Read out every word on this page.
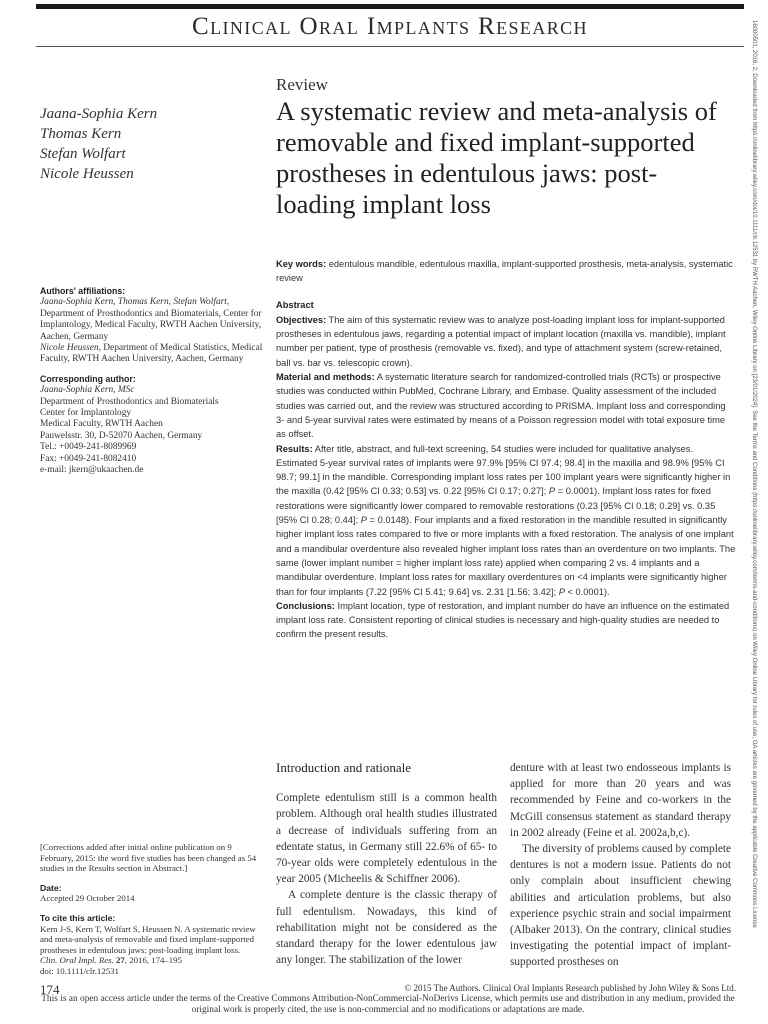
Clinical Oral Implants Research	16000501, 2016, 2, Downloaded from https://onlinelibrary.wiley.com/doi/10.1111/clr.12531 by RWTH Aachen, Wiley Online Library on [23/01/2024]. See the Terms and Conditions (https://onlinelibrary.wiley.com/terms-and-conditions) on Wiley Online Library for rules of use; OA articles are governed by the applicable Creative Commons License
Review
A systematic review and meta-analysis of removable and fixed implant-supported prostheses in edentulous jaws: post-loading implant loss
Jaana-Sophia Kern
Thomas Kern
Stefan Wolfart
Nicole Heussen
Authors' affiliations:
Jaana-Sophia Kern, Thomas Kern, Stefan Wolfart, Department of Prosthodontics and Biomaterials, Center for Implantology, Medical Faculty, RWTH Aachen University, Aachen, Germany
Nicole Heussen, Department of Medical Statistics, Medical Faculty, RWTH Aachen University, Aachen, Germany
Corresponding author:
Jaana-Sophia Kern, MSc
Department of Prosthodontics and Biomaterials
Center for Implantology
Medical Faculty, RWTH Aachen
Pauwelsstr. 30, D-52070 Aachen, Germany
Tel.: +0049-241-8089969
Fax: +0049-241-8082410
e-mail: jkern@ukaachen.de
[Corrections added after initial online publication on 9 February, 2015: the word five studies has been changed as 54 studies in the Results section in Abstract.]
Date:
Accepted 29 October 2014
To cite this article:
Kern J-S, Kern T, Wolfart S, Heussen N. A systematic review and meta-analysis of removable and fixed implant-supported prostheses in edentulous jaws: post-loading implant loss.
Clin. Oral Impl. Res. 27, 2016, 174–195
doi: 10.1111/clr.12531

Key words: edentulous mandible, edentulous maxilla, implant-supported prosthesis, meta-analysis, systematic review

Abstract

Objectives: The aim of this systematic review was to analyze post-loading implant loss for implant-supported prostheses in edentulous jaws, regarding a potential impact of implant location (maxilla vs. mandible), implant number per patient, type of prosthesis (removable vs. fixed), and type of attachment system (screw-retained, ball vs. bar vs. telescopic crown).

Material and methods: A systematic literature search for randomized-controlled trials (RCTs) or prospective studies was conducted within PubMed, Cochrane Library, and Embase. Quality assessment of the included studies was carried out, and the review was structured according to PRISMA. Implant loss and corresponding 3- and 5-year survival rates were estimated by means of a Poisson regression model with total exposure time as offset.

Results: After title, abstract, and full-text screening, 54 studies were included for qualitative analyses. Estimated 5-year survival rates of implants were 97.9% [95% CI 97.4; 98.4] in the maxilla and 98.9% [95% CI 98.7; 99.1] in the mandible. Corresponding implant loss rates per 100 implant years were significantly higher in the maxilla (0.42 [95% CI 0.33; 0.53] vs. 0.22 [95% CI 0.17; 0.27]; P = 0.0001). Implant loss rates for fixed restorations were significantly lower compared to removable restorations (0.23 [95% CI 0.18; 0.29] vs. 0.35 [95% CI 0.28; 0.44]; P = 0.0148). Four implants and a fixed restoration in the mandible resulted in significantly higher implant loss rates compared to five or more implants with a fixed restoration. The analysis of one implant and a mandibular overdenture also revealed higher implant loss rates than an overdenture on two implants. The same (lower implant number = higher implant loss rate) applied when comparing 2 vs. 4 implants and a mandibular overdenture. Implant loss rates for maxillary overdentures on <4 implants were significantly higher than for four implants (7.22 [95% CI 5.41; 9.64] vs. 2.31 [1.56; 3.42]; P < 0.0001).

Conclusions: Implant location, type of restoration, and implant number do have an influence on the estimated implant loss rate. Consistent reporting of clinical studies is necessary and high-quality studies are needed to confirm the present results.

Introduction and rationale

Complete edentulism still is a common health problem. Although oral health studies illustrated a decrease of individuals suffering from an edentate status, in Germany still 22.6% of 65- to 70-year olds were completely edentulous in the year 2005 (Micheelis & Schiffner 2006).

A complete denture is the classic therapy of full edentulism. Nowadays, this kind of rehabilitation might not be considered as the standard therapy for the lower edentulous jaw any longer. The stabilization of the lower

denture with at least two endosseous implants is applied for more than 20 years and was recommended by Feine and co-workers in the McGill consensus statement as standard therapy in 2002 already (Feine et al. 2002a,b,c).

The diversity of problems caused by complete dentures is not a modern issue. Patients do not only complain about insufficient chewing abilities and articulation problems, but also experience psychic strain and social impairment (Albaker 2013). On the contrary, clinical studies investigating the potential impact of implant-supported prostheses on

174	© 2015 The Authors. Clinical Oral Implants Research published by John Wiley & Sons Ltd.
This is an open access article under the terms of the Creative Commons Attribution-NonCommercial-NoDerivs License, which permits use and distribution in any medium, provided the original work is properly cited, the use is non-commercial and no modifications or adaptations are made.
